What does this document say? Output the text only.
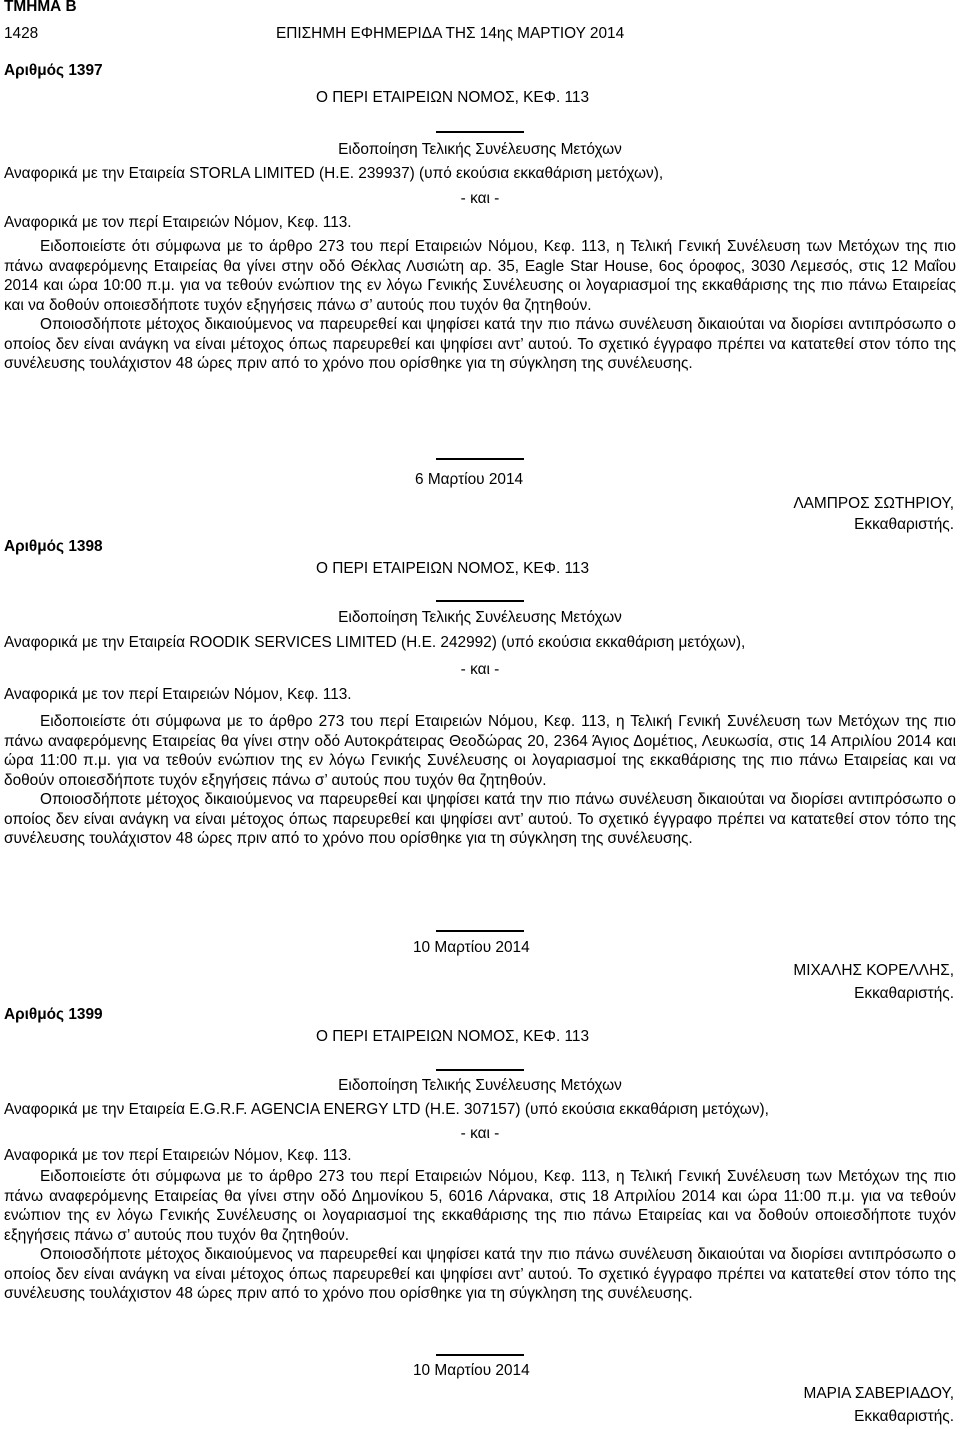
ΤΜΗΜΑ Β
1428	ΕΠΙΣΗΜΗ ΕΦΗΜΕΡΙΔΑ ΤΗΣ 14ης ΜΑΡΤΙΟΥ 2014
Αριθμός 1397
Ο ΠΕΡΙ ΕΤΑΙΡΕΙΩΝ ΝΟΜΟΣ, ΚΕΦ. 113
Ειδοποίηση Τελικής Συνέλευσης Μετόχων
Αναφορικά με την Εταιρεία STORLA LIMITED (Η.Ε. 239937) (υπό εκούσια εκκαθάριση μετόχων),
- και -
Αναφορικά με τον περί Εταιρειών Νόμον, Κεφ. 113.

Ειδοποιείστε ότι σύμφωνα με το άρθρο 273 του περί Εταιρειών Νόμου, Κεφ. 113, η Τελική Γενική Συνέλευση των Μετόχων της πιο πάνω αναφερόμενης Εταιρείας θα γίνει στην οδό Θέκλας Λυσιώτη αρ. 35, Eagle Star House, 6ος όροφος, 3030 Λεμεσός, στις 12 Μαΐου 2014 και ώρα 10:00 π.μ. για να τεθούν ενώπιον της εν λόγω Γενικής Συνέλευσης οι λογαριασμοί της εκκαθάρισης της πιο πάνω Εταιρείας και να δοθούν οποιεσδήποτε τυχόν εξηγήσεις πάνω σ’ αυτούς που τυχόν θα ζητηθούν.

Οποιοσδήποτε μέτοχος δικαιούμενος να παρευρεθεί και ψηφίσει κατά την πιο πάνω συνέλευση δικαιούται να διορίσει αντιπρόσωπο ο οποίος δεν είναι ανάγκη να είναι μέτοχος όπως παρευρεθεί και ψηφίσει αντ’ αυτού. Το σχετικό έγγραφο πρέπει να κατατεθεί στον τόπο της συνέλευσης τουλάχιστον 48 ώρες πριν από το χρόνο που ορίσθηκε για τη σύγκληση της συνέλευσης.

6 Μαρτίου 2014
ΛΑΜΠΡΟΣ ΣΩΤΗΡΙΟΥ,
Εκκαθαριστής.
Αριθμός 1398
Ο ΠΕΡΙ ΕΤΑΙΡΕΙΩΝ ΝΟΜΟΣ, ΚΕΦ. 113
Ειδοποίηση Τελικής Συνέλευσης Μετόχων
Αναφορικά με την Εταιρεία ROODIK SERVICES LIMITED (Η.Ε. 242992) (υπό εκούσια εκκαθάριση μετόχων),
- και -
Αναφορικά με τον περί Εταιρειών Νόμον, Κεφ. 113.

Ειδοποιείστε ότι σύμφωνα με το άρθρο 273 του περί Εταιρειών Νόμου, Κεφ. 113, η Τελική Γενική Συνέλευση των Μετόχων της πιο πάνω αναφερόμενης Εταιρείας θα γίνει στην οδό Αυτοκράτειρας Θεοδώρας 20, 2364 Άγιος Δομέτιος, Λευκωσία, στις 14 Απριλίου 2014 και ώρα 11:00 π.μ. για να τεθούν ενώπιον της εν λόγω Γενικής Συνέλευσης οι λογαριασμοί της εκκαθάρισης της πιο πάνω Εταιρείας και να δοθούν οποιεσδήποτε τυχόν εξηγήσεις πάνω σ’ αυτούς που τυχόν θα ζητηθούν.

Οποιοσδήποτε μέτοχος δικαιούμενος να παρευρεθεί και ψηφίσει κατά την πιο πάνω συνέλευση δικαιούται να διορίσει αντιπρόσωπο ο οποίος δεν είναι ανάγκη να είναι μέτοχος όπως παρευρεθεί και ψηφίσει αντ’ αυτού. Το σχετικό έγγραφο πρέπει να κατατεθεί στον τόπο της συνέλευσης τουλάχιστον 48 ώρες πριν από το χρόνο που ορίσθηκε για τη σύγκληση της συνέλευσης.

10 Μαρτίου 2014
ΜΙΧΑΛΗΣ ΚΟΡΕΛΛΗΣ,
Εκκαθαριστής.
Αριθμός 1399
Ο ΠΕΡΙ ΕΤΑΙΡΕΙΩΝ ΝΟΜΟΣ, ΚΕΦ. 113
Ειδοποίηση Τελικής Συνέλευσης Μετόχων
Αναφορικά με την Εταιρεία E.G.R.F. AGENCIA ENERGY LTD (Η.Ε. 307157) (υπό εκούσια εκκαθάριση μετόχων),
- και -
Αναφορικά με τον περί Εταιρειών Νόμον, Κεφ. 113.

Ειδοποιείστε ότι σύμφωνα με το άρθρο 273 του περί Εταιρειών Νόμου, Κεφ. 113, η Τελική Γενική Συνέλευση των Μετόχων της πιο πάνω αναφερόμενης Εταιρείας θα γίνει στην οδό Δημονίκου 5, 6016 Λάρνακα, στις 18 Απριλίου 2014 και ώρα 11:00 π.μ. για να τεθούν ενώπιον της εν λόγω Γενικής Συνέλευσης οι λογαριασμοί της εκκαθάρισης της πιο πάνω Εταιρείας και να δοθούν οποιεσδήποτε τυχόν εξηγήσεις πάνω σ’ αυτούς που τυχόν θα ζητηθούν.

Οποιοσδήποτε μέτοχος δικαιούμενος να παρευρεθεί και ψηφίσει κατά την πιο πάνω συνέλευση δικαιούται να διορίσει αντιπρόσωπο ο οποίος δεν είναι ανάγκη να είναι μέτοχος όπως παρευρεθεί και ψηφίσει αντ’ αυτού. Το σχετικό έγγραφο πρέπει να κατατεθεί στον τόπο της συνέλευσης τουλάχιστον 48 ώρες πριν από το χρόνο που ορίσθηκε για τη σύγκληση της συνέλευσης.

10 Μαρτίου 2014
ΜΑΡΙΑ ΣΑΒΕΡΙΑΔΟΥ,
Εκκαθαριστής.
